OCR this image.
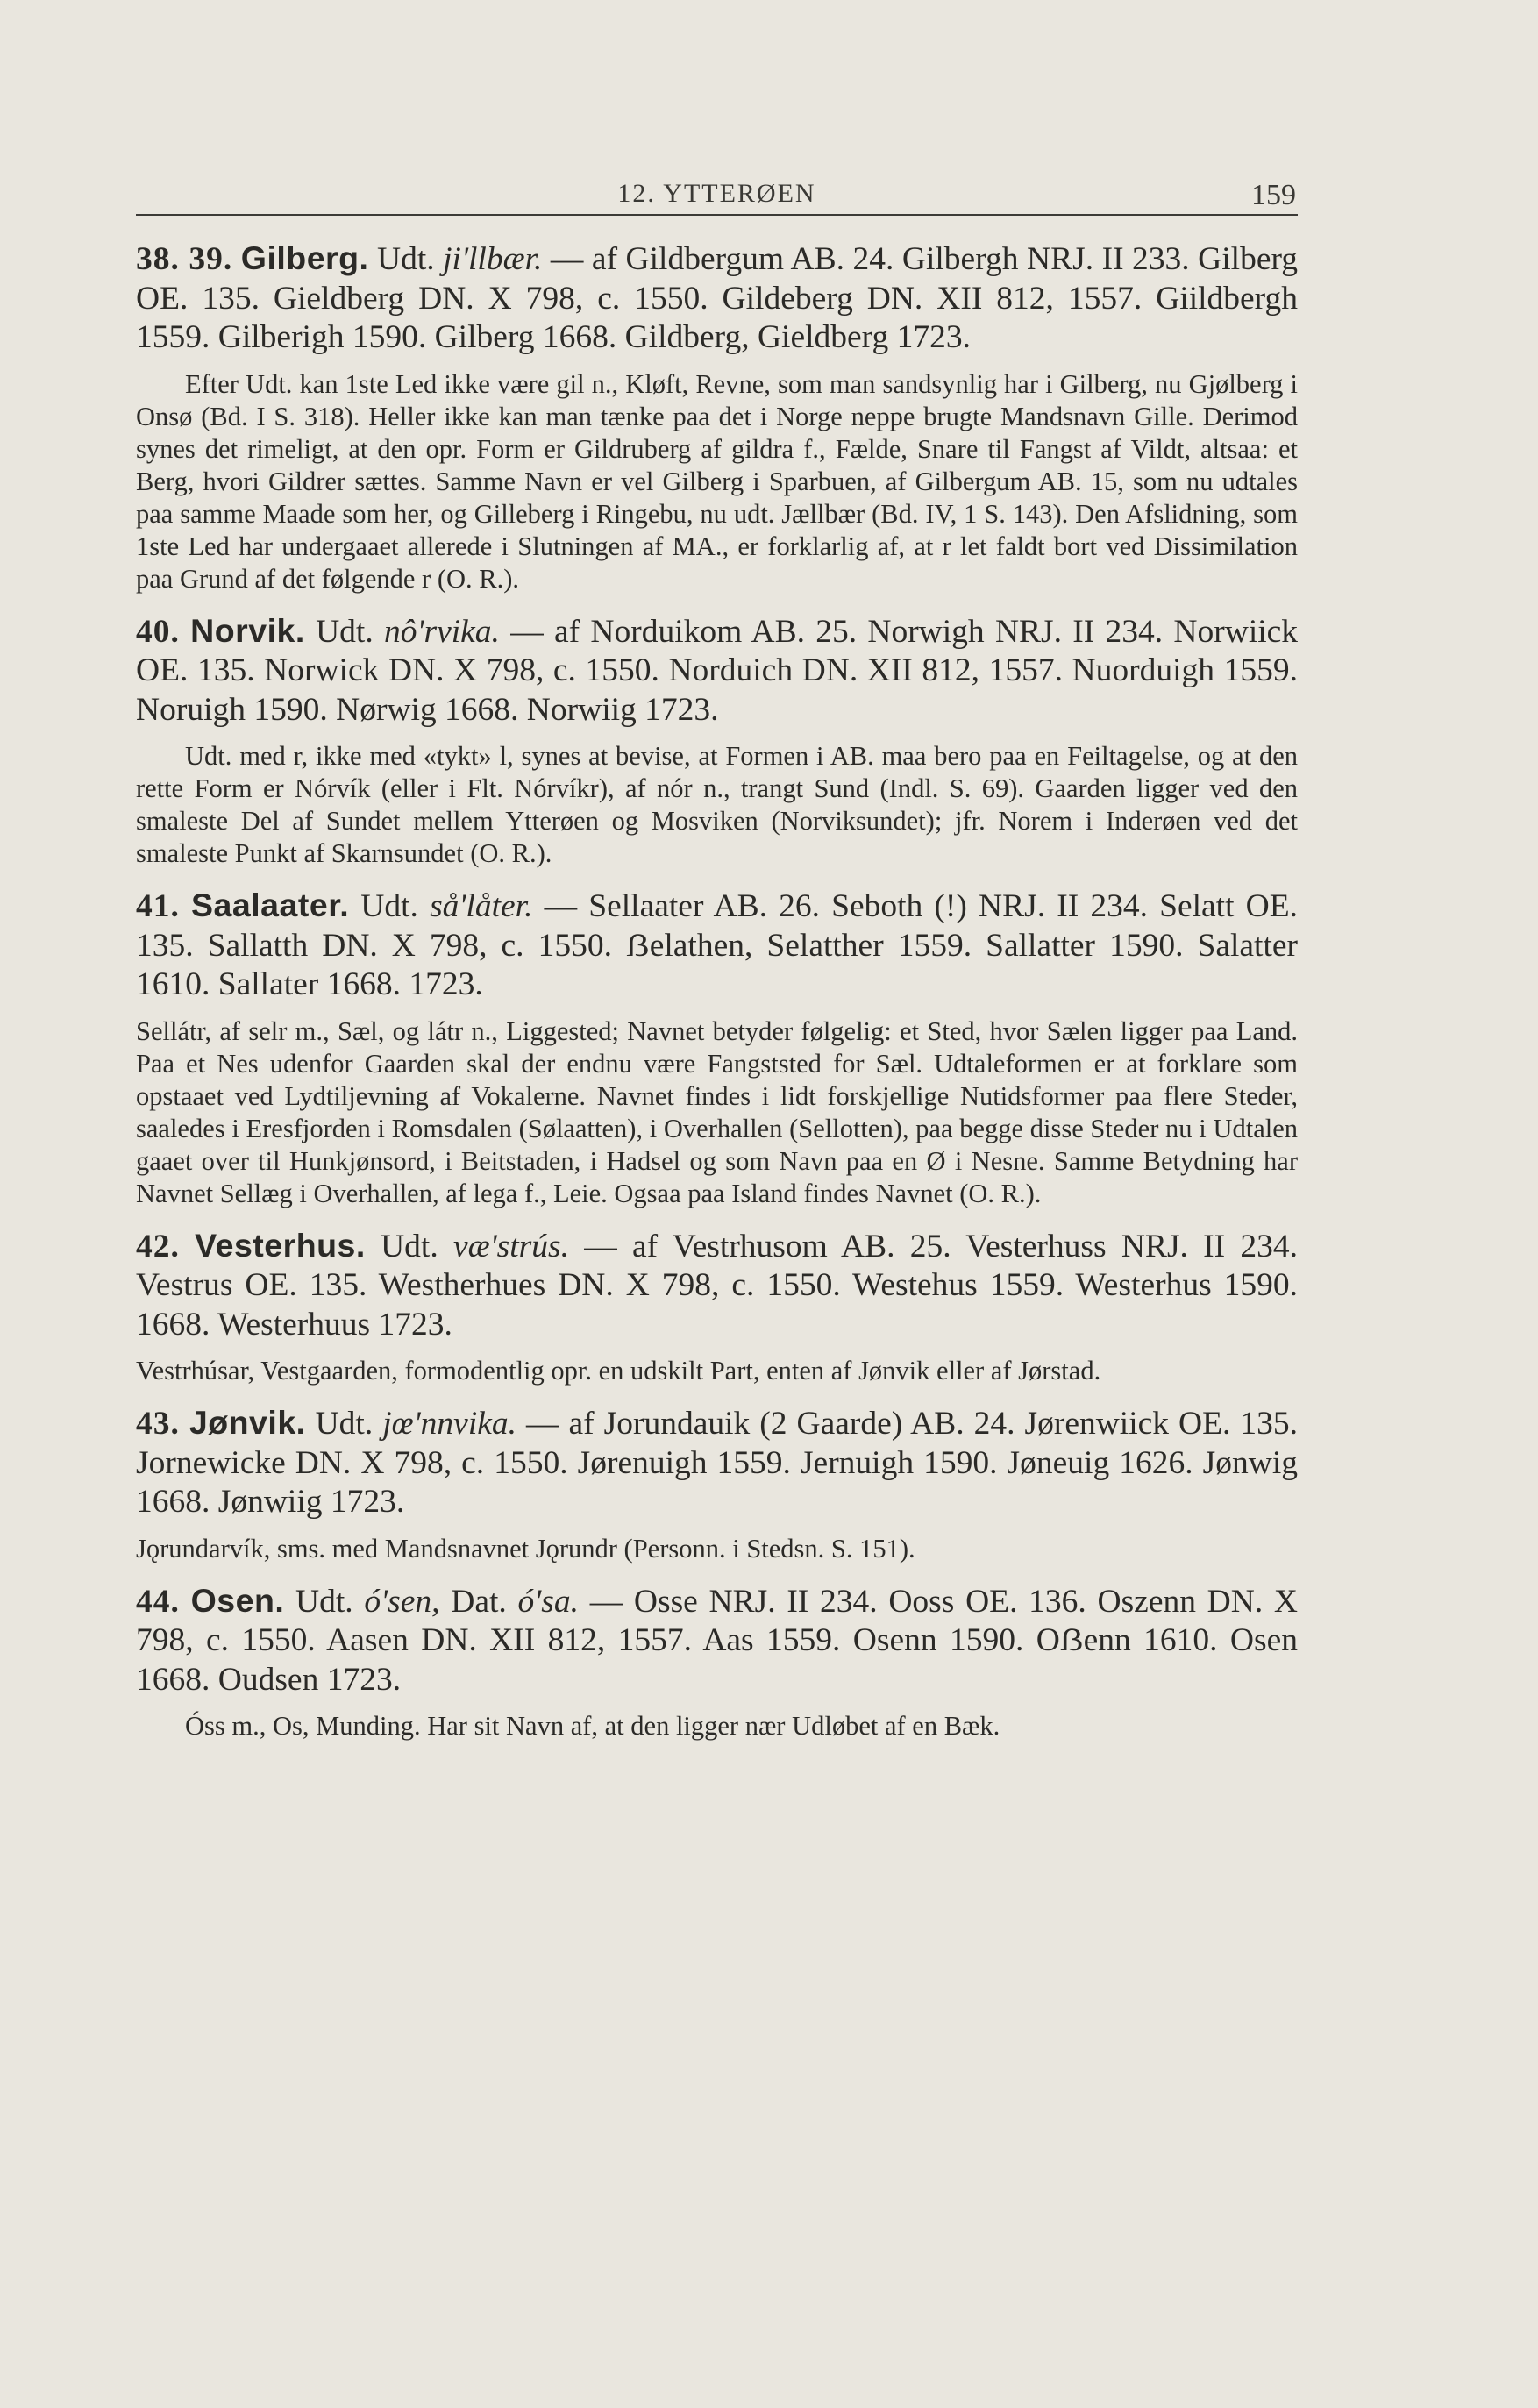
12. YTTERØEN	159

38. 39. Gilberg. Udt. ji'llbær. — af Gildbergum AB. 24. Gilbergh NRJ. II 233. Gilberg OE. 135. Gieldberg DN. X 798, c. 1550. Gildeberg DN. XII 812, 1557. Giildbergh 1559. Gilberigh 1590. Gilberg 1668. Gildberg, Gieldberg 1723.

Efter Udt. kan 1ste Led ikke være gil n., Kløft, Revne, som man sandsynlig har i Gilberg, nu Gjølberg i Onsø (Bd. I S. 318). Heller ikke kan man tænke paa det i Norge neppe brugte Mandsnavn Gille. Derimod synes det rimeligt, at den opr. Form er Gildruberg af gildra f., Fælde, Snare til Fangst af Vildt, altsaa: et Berg, hvori Gildrer sættes. Samme Navn er vel Gilberg i Sparbuen, af Gilbergum AB. 15, som nu udtales paa samme Maade som her, og Gilleberg i Ringebu, nu udt. Jællbær (Bd. IV, 1 S. 143). Den Afslidning, som 1ste Led har undergaaet allerede i Slutningen af MA., er forklarlig af, at r let faldt bort ved Dissimilation paa Grund af det følgende r (O. R.).

40. Norvik. Udt. nô'rvika. — af Norduikom AB. 25. Norwigh NRJ. II 234. Norwiick OE. 135. Norwick DN. X 798, c. 1550. Norduich DN. XII 812, 1557. Nuorduigh 1559. Noruigh 1590. Nørwig 1668. Norwiig 1723.

Udt. med r, ikke med «tykt» l, synes at bevise, at Formen i AB. maa bero paa en Feiltagelse, og at den rette Form er Nórvík (eller i Flt. Nórvíkr), af nór n., trangt Sund (Indl. S. 69). Gaarden ligger ved den smaleste Del af Sundet mellem Ytterøen og Mosviken (Norviksundet); jfr. Norem i Inderøen ved det smaleste Punkt af Skarnsundet (O. R.).

41. Saalaater. Udt. så'låter. — Sellaater AB. 26. Seboth (!) NRJ. II 234. Selatt OE. 135. Sallatth DN. X 798, c. 1550. ẞelathen, Selatther 1559. Sallatter 1590. Salatter 1610. Sallater 1668. 1723.

Sellátr, af selr m., Sæl, og látr n., Liggested; Navnet betyder følgelig: et Sted, hvor Sælen ligger paa Land. Paa et Nes udenfor Gaarden skal der endnu være Fangststed for Sæl. Udtaleformen er at forklare som opstaaet ved Lydtiljevning af Vokalerne. Navnet findes i lidt forskjellige Nutidsformer paa flere Steder, saaledes i Eresfjorden i Romsdalen (Sølaatten), i Overhallen (Sellotten), paa begge disse Steder nu i Udtalen gaaet over til Hunkjønsord, i Beitstaden, i Hadsel og som Navn paa en Ø i Nesne. Samme Betydning har Navnet Sellæg i Overhallen, af lega f., Leie. Ogsaa paa Island findes Navnet (O. R.).

42. Vesterhus. Udt. væ'strús. — af Vestrhusom AB. 25. Vesterhuss NRJ. II 234. Vestrus OE. 135. Westherhues DN. X 798, c. 1550. Westehus 1559. Westerhus 1590. 1668. Westerhuus 1723.

Vestrhúsar, Vestgaarden, formodentlig opr. en udskilt Part, enten af Jønvik eller af Jørstad.

43. Jønvik. Udt. jœ'nnvika. — af Jorundauik (2 Gaarde) AB. 24. Jørenwiick OE. 135. Jornewicke DN. X 798, c. 1550. Jørenuigh 1559. Jernuigh 1590. Jøneuig 1626. Jønwig 1668. Jønwiig 1723.

Jǫrundarvík, sms. med Mandsnavnet Jǫrundr (Personn. i Stedsn. S. 151).

44. Osen. Udt. ó'sen, Dat. ó'sa. — Osse NRJ. II 234. Ooss OE. 136. Oszenn DN. X 798, c. 1550. Aasen DN. XII 812, 1557. Aas 1559. Osenn 1590. Oẞenn 1610. Osen 1668. Oudsen 1723.

Óss m., Os, Munding. Har sit Navn af, at den ligger nær Udløbet af en Bæk.
